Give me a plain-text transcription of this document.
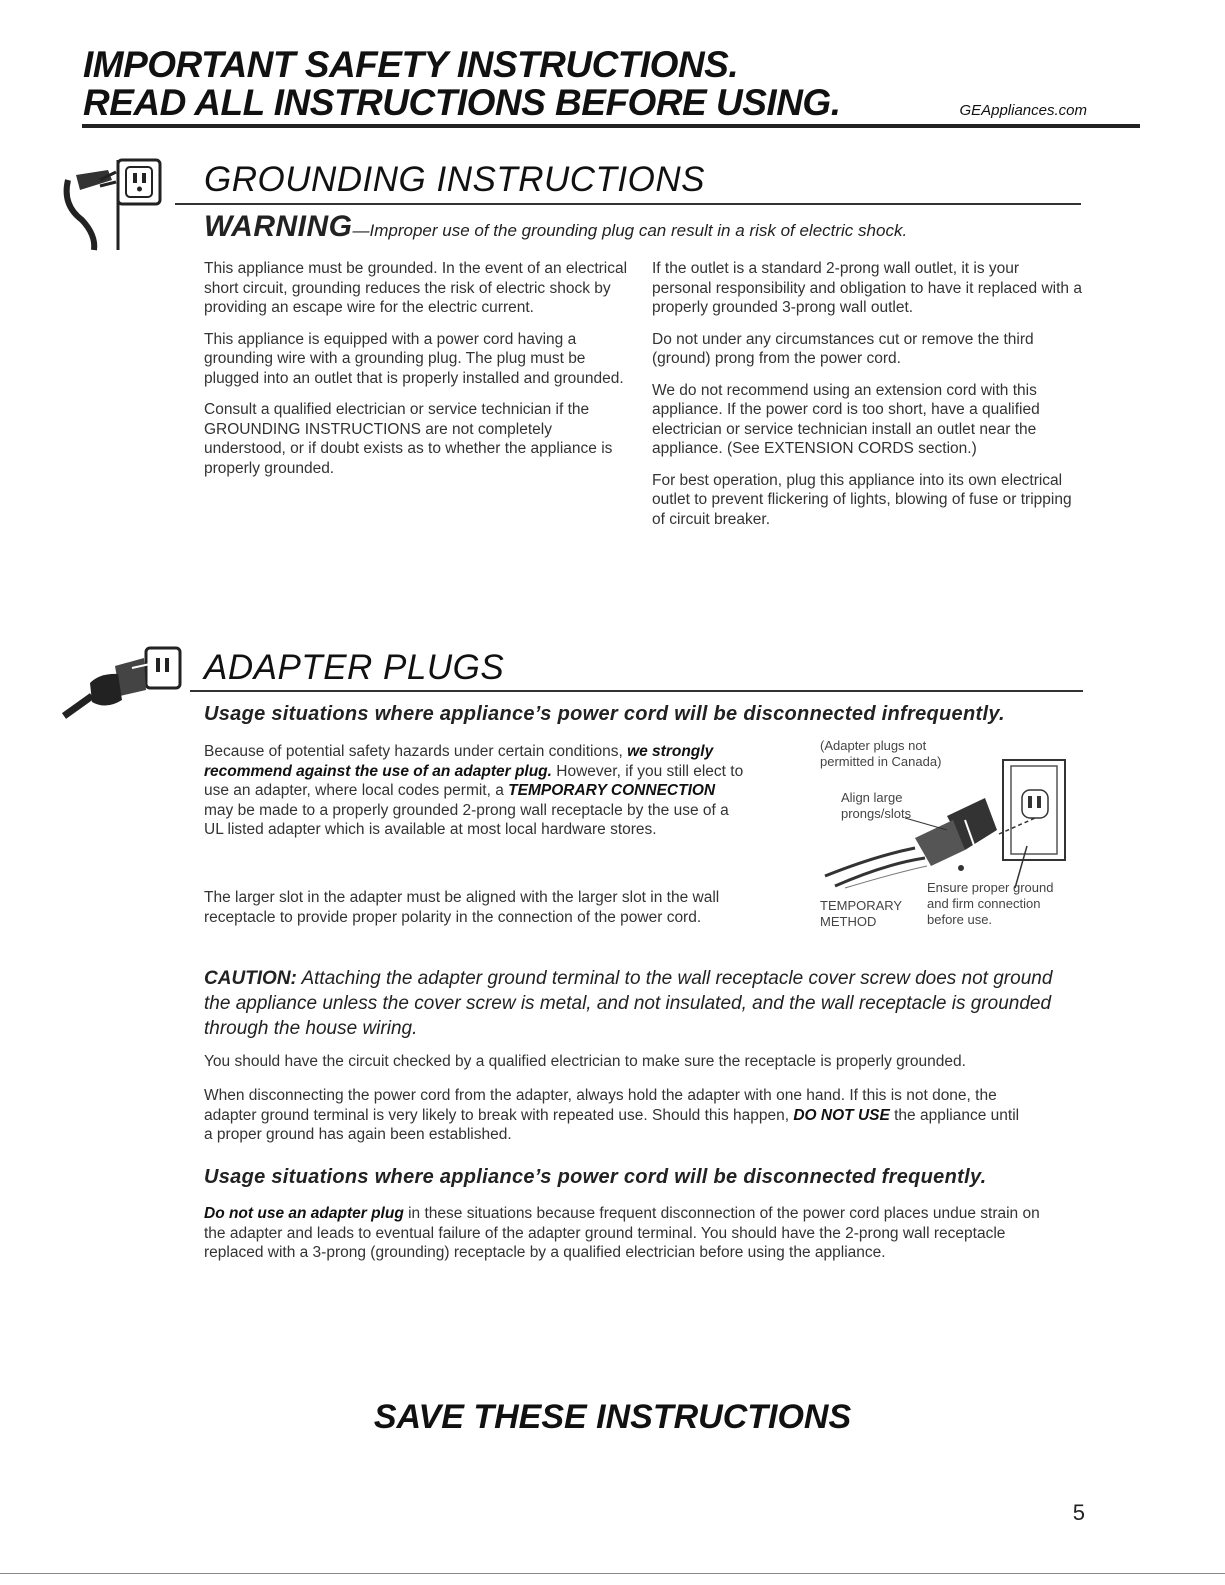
IMPORTANT SAFETY INSTRUCTIONS.
READ ALL INSTRUCTIONS BEFORE USING.	GEAppliances.com
GROUNDING INSTRUCTIONS
WARNING—Improper use of the grounding plug can result in a risk of electric shock.

This appliance must be grounded. In the event of an electrical short circuit, grounding reduces the risk of electric shock by providing an escape wire for the electric current.

This appliance is equipped with a power cord having a grounding wire with a grounding plug. The plug must be plugged into an outlet that is properly installed and grounded.

Consult a qualified electrician or service technician if the GROUNDING INSTRUCTIONS are not completely understood, or if doubt exists as to whether the appliance is properly grounded.

If the outlet is a standard 2-prong wall outlet, it is your personal responsibility and obligation to have it replaced with a properly grounded 3-prong wall outlet.

Do not under any circumstances cut or remove the third (ground) prong from the power cord.

We do not recommend using an extension cord with this appliance. If the power cord is too short, have a qualified electrician or service technician install an outlet near the appliance. (See EXTENSION CORDS section.)

For best operation, plug this appliance into its own electrical outlet to prevent flickering of lights, blowing of fuse or tripping of circuit breaker.

ADAPTER PLUGS
Usage situations where appliance’s power cord will be disconnected infrequently.
Because of potential safety hazards under certain conditions, we strongly recommend against the use of an adapter plug. However, if you still elect to use an adapter, where local codes permit, a TEMPORARY CONNECTION may be made to a properly grounded 2-prong wall receptacle by the use of a UL listed adapter which is available at most local hardware stores.
The larger slot in the adapter must be aligned with the larger slot in the wall receptacle to provide proper polarity in the connection of the power cord.
(Adapter plugs not permitted in Canada)
Align large prongs/slots
TEMPORARY METHOD
Ensure proper ground and firm connection before use.
CAUTION: Attaching the adapter ground terminal to the wall receptacle cover screw does not ground the appliance unless the cover screw is metal, and not insulated, and the wall receptacle is grounded through the house wiring.
You should have the circuit checked by a qualified electrician to make sure the receptacle is properly grounded.
When disconnecting the power cord from the adapter, always hold the adapter with one hand. If this is not done, the adapter ground terminal is very likely to break with repeated use. Should this happen, DO NOT USE the appliance until a proper ground has again been established.
Usage situations where appliance’s power cord will be disconnected frequently.
Do not use an adapter plug in these situations because frequent disconnection of the power cord places undue strain on the adapter and leads to eventual failure of the adapter ground terminal. You should have the 2-prong wall receptacle replaced with a 3-prong (grounding) receptacle by a qualified electrician before using the appliance.
SAVE THESE INSTRUCTIONS
5
